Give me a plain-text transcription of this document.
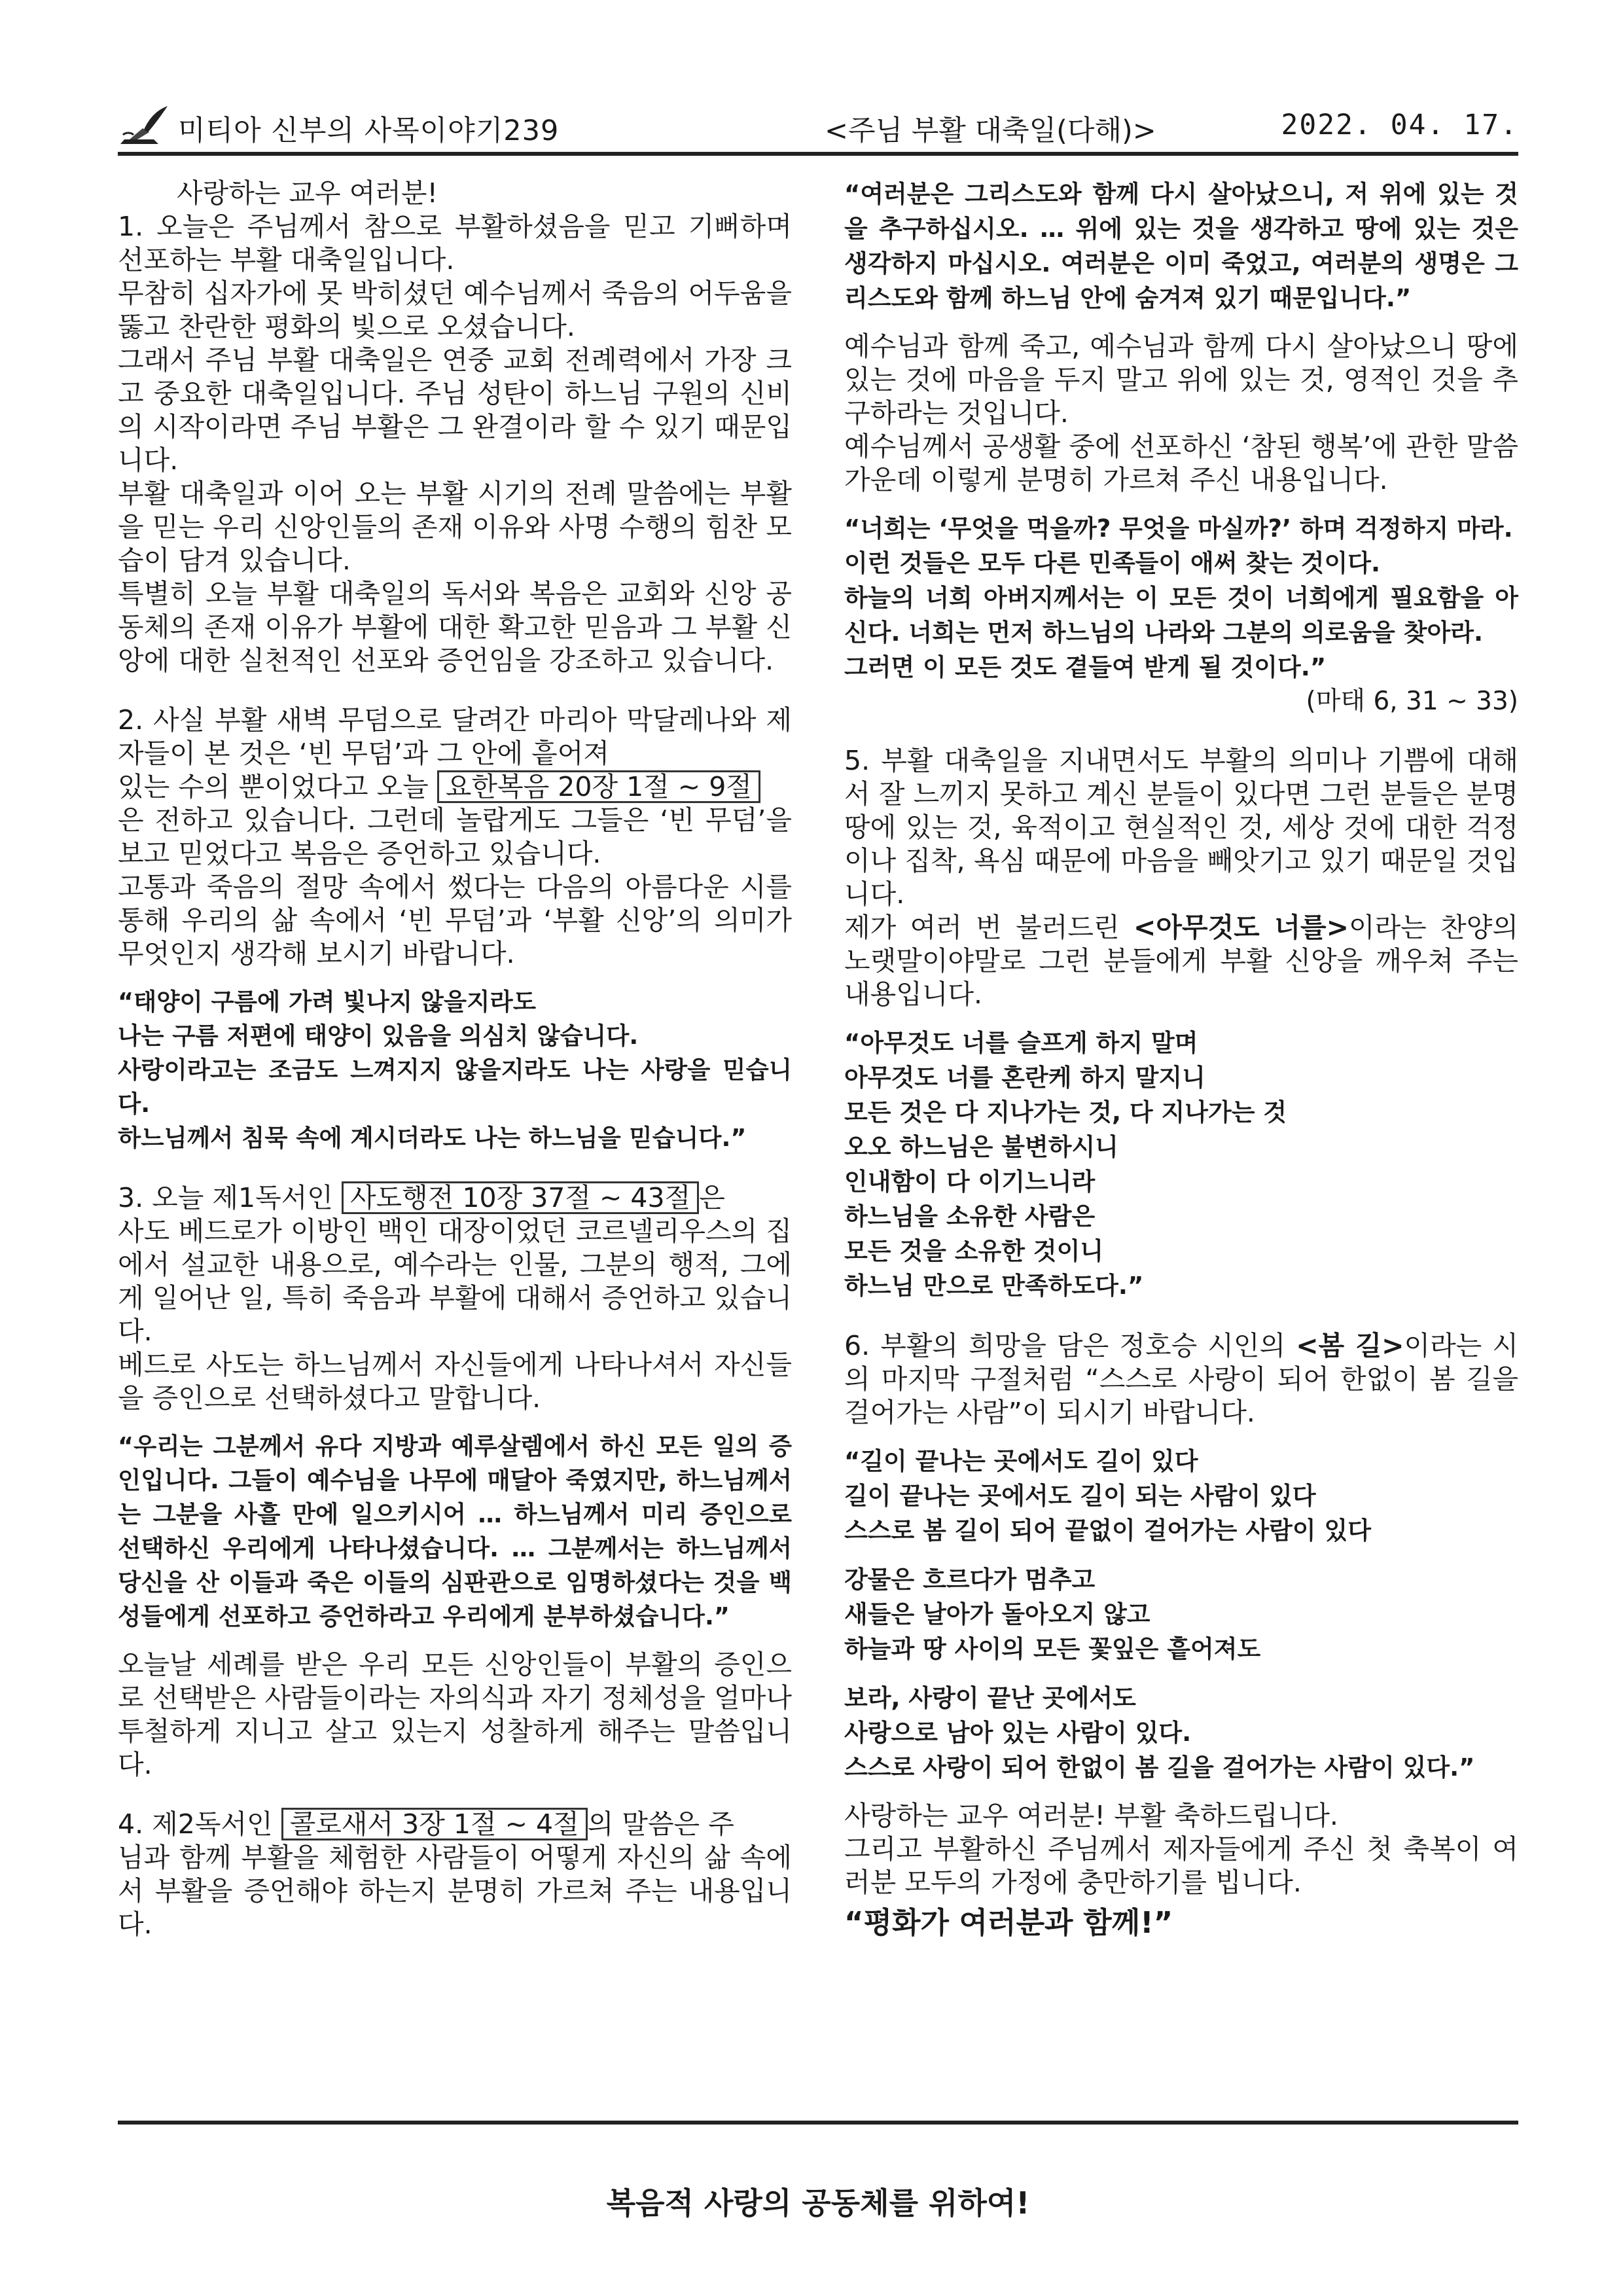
미티아 신부의 사목이야기239	<주님 부활 대축일(다해)>	2022. 04. 17.

사랑하는 교우 여러분!

1. 오늘은 주님께서 참으로 부활하셨음을 믿고 기뻐하며 선포하는 부활 대축일입니다.

무참히 십자가에 못 박히셨던 예수님께서 죽음의 어두움을 뚫고 찬란한 평화의 빛으로 오셨습니다.

그래서 주님 부활 대축일은 연중 교회 전례력에서 가장 크고 중요한 대축일입니다. 주님 성탄이 하느님 구원의 신비의 시작이라면 주님 부활은 그 완결이라 할 수 있기 때문입니다.

부활 대축일과 이어 오는 부활 시기의 전례 말씀에는 부활을 믿는 우리 신앙인들의 존재 이유와 사명 수행의 힘찬 모습이 담겨 있습니다.

특별히 오늘 부활 대축일의 독서와 복음은 교회와 신앙 공동체의 존재 이유가 부활에 대한 확고한 믿음과 그 부활 신앙에 대한 실천적인 선포와 증언임을 강조하고 있습니다.

2. 사실 부활 새벽 무덤으로 달려간 마리아 막달레나와 제자들이 본 것은 ‘빈 무덤’과 그 안에 흩어져

있는 수의 뿐이었다고 오늘 요한복음 20장 1절 ~ 9절

은 전하고 있습니다. 그런데 놀랍게도 그들은 ‘빈 무덤’을 보고 믿었다고 복음은 증언하고 있습니다.

고통과 죽음의 절망 속에서 썼다는 다음의 아름다운 시를 통해 우리의 삶 속에서 ‘빈 무덤’과 ‘부활 신앙’의 의미가 무엇인지 생각해 보시기 바랍니다.

“태양이 구름에 가려 빛나지 않을지라도

나는 구름 저편에 태양이 있음을 의심치 않습니다.

사랑이라고는 조금도 느껴지지 않을지라도 나는 사랑을 믿습니다.

하느님께서 침묵 속에 계시더라도 나는 하느님을 믿습니다.”

3. 오늘 제1독서인 사도행전 10장 37절 ~ 43절 은

사도 베드로가 이방인 백인 대장이었던 코르넬리우스의 집에서 설교한 내용으로, 예수라는 인물, 그분의 행적, 그에게 일어난 일, 특히 죽음과 부활에 대해서 증언하고 있습니다.

베드로 사도는 하느님께서 자신들에게 나타나셔서 자신들을 증인으로 선택하셨다고 말합니다.

“우리는 그분께서 유다 지방과 예루살렘에서 하신 모든 일의 증인입니다. 그들이 예수님을 나무에 매달아 죽였지만, 하느님께서는 그분을 사흘 만에 일으키시어 … 하느님께서 미리 증인으로 선택하신 우리에게 나타나셨습니다. … 그분께서는 하느님께서 당신을 산 이들과 죽은 이들의 심판관으로 임명하셨다는 것을 백성들에게 선포하고 증언하라고 우리에게 분부하셨습니다.”

오늘날 세례를 받은 우리 모든 신앙인들이 부활의 증인으로 선택받은 사람들이라는 자의식과 자기 정체성을 얼마나 투철하게 지니고 살고 있는지 성찰하게 해주는 말씀입니다.

4. 제2독서인 콜로새서 3장 1절 ~ 4절 의 말씀은 주

님과 함께 부활을 체험한 사람들이 어떻게 자신의 삶 속에서 부활을 증언해야 하는지 분명히 가르쳐 주는 내용입니다.

“여러분은 그리스도와 함께 다시 살아났으니, 저 위에 있는 것을 추구하십시오. … 위에 있는 것을 생각하고 땅에 있는 것은 생각하지 마십시오. 여러분은 이미 죽었고, 여러분의 생명은 그리스도와 함께 하느님 안에 숨겨져 있기 때문입니다.”

예수님과 함께 죽고, 예수님과 함께 다시 살아났으니 땅에 있는 것에 마음을 두지 말고 위에 있는 것, 영적인 것을 추구하라는 것입니다.

예수님께서 공생활 중에 선포하신 ‘참된 행복’에 관한 말씀 가운데 이렇게 분명히 가르쳐 주신 내용입니다.

“너희는 ‘무엇을 먹을까? 무엇을 마실까?’ 하며 걱정하지 마라.

이런 것들은 모두 다른 민족들이 애써 찾는 것이다.

하늘의 너희 아버지께서는 이 모든 것이 너희에게 필요함을 아신다. 너희는 먼저 하느님의 나라와 그분의 의로움을 찾아라.

그러면 이 모든 것도 곁들여 받게 될 것이다.”

(마태 6, 31 ~ 33)

5. 부활 대축일을 지내면서도 부활의 의미나 기쁨에 대해서 잘 느끼지 못하고 계신 분들이 있다면 그런 분들은 분명 땅에 있는 것, 육적이고 현실적인 것, 세상 것에 대한 걱정이나 집착, 욕심 때문에 마음을 빼앗기고 있기 때문일 것입니다.

제가 여러 번 불러드린 <아무것도 너를>이라는 찬양의 노랫말이야말로 그런 분들에게 부활 신앙을 깨우쳐 주는 내용입니다.

“아무것도 너를 슬프게 하지 말며

아무것도 너를 혼란케 하지 말지니

모든 것은 다 지나가는 것, 다 지나가는 것

오오 하느님은 불변하시니

인내함이 다 이기느니라

하느님을 소유한 사람은

모든 것을 소유한 것이니

하느님 만으로 만족하도다.”

6. 부활의 희망을 담은 정호승 시인의 <봄 길>이라는 시의 마지막 구절처럼 “스스로 사랑이 되어 한없이 봄 길을 걸어가는 사람”이 되시기 바랍니다.

“길이 끝나는 곳에서도 길이 있다

길이 끝나는 곳에서도 길이 되는 사람이 있다

스스로 봄 길이 되어 끝없이 걸어가는 사람이 있다

강물은 흐르다가 멈추고

새들은 날아가 돌아오지 않고

하늘과 땅 사이의 모든 꽃잎은 흩어져도

보라, 사랑이 끝난 곳에서도

사랑으로 남아 있는 사람이 있다.

스스로 사랑이 되어 한없이 봄 길을 걸어가는 사람이 있다.”

사랑하는 교우 여러분! 부활 축하드립니다.

그리고 부활하신 주님께서 제자들에게 주신 첫 축복이 여러분 모두의 가정에 충만하기를 빕니다.

“평화가 여러분과 함께!”

복음적 사랑의 공동체를 위하여!
